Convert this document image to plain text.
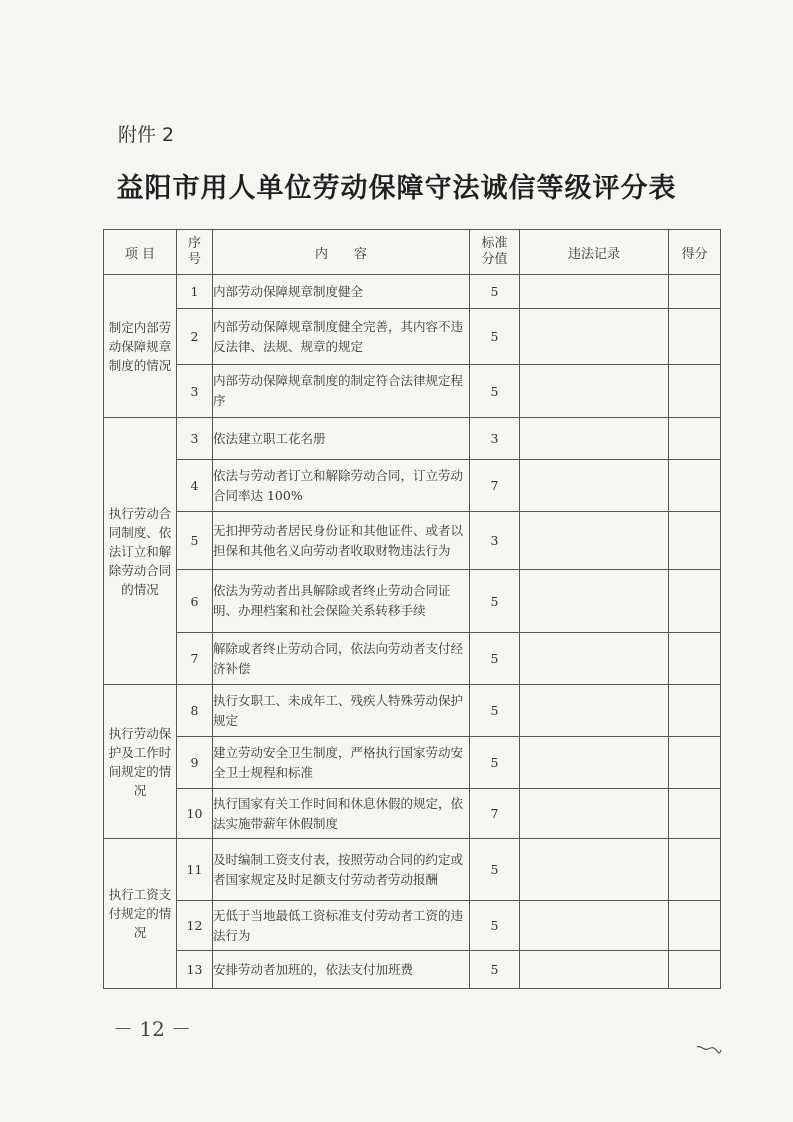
附件 2
益阳市用人单位劳动保障守法诚信等级评分表
项 目	序号	内　　容	标准分值	违法记录	得分
制定内部劳动保障规章制度的情况	1	内部劳动保障规章制度健全	5		
	2	内部劳动保障规章制度健全完善，其内容不违反法律、法规、规章的规定	5		
	3	内部劳动保障规章制度的制定符合法律规定程序	5		
执行劳动合同制度、依法订立和解除劳动合同的情况	3	依法建立职工花名册	3		
	4	依法与劳动者订立和解除劳动合同，订立劳动合同率达 100%	7		
	5	无扣押劳动者居民身份证和其他证件、或者以担保和其他名义向劳动者收取财物违法行为	3		
	6	依法为劳动者出具解除或者终止劳动合同证明、办理档案和社会保险关系转移手续	5		
	7	解除或者终止劳动合同，依法向劳动者支付经济补偿	5		
执行劳动保护及工作时间规定的情况	8	执行女职工、未成年工、残疾人特殊劳动保护规定	5		
	9	建立劳动安全卫生制度，严格执行国家劳动安全卫士规程和标准	5		
	10	执行国家有关工作时间和休息休假的规定，依法实施带薪年休假制度	7		
执行工资支付规定的情况	11	及时编制工资支付表，按照劳动合同的约定或者国家规定及时足额支付劳动者劳动报酬	5		
	12	无低于当地最低工资标准支付劳动者工资的违法行为	5		
	13	安排劳动者加班的，依法支付加班费	5		
－ 12 －
